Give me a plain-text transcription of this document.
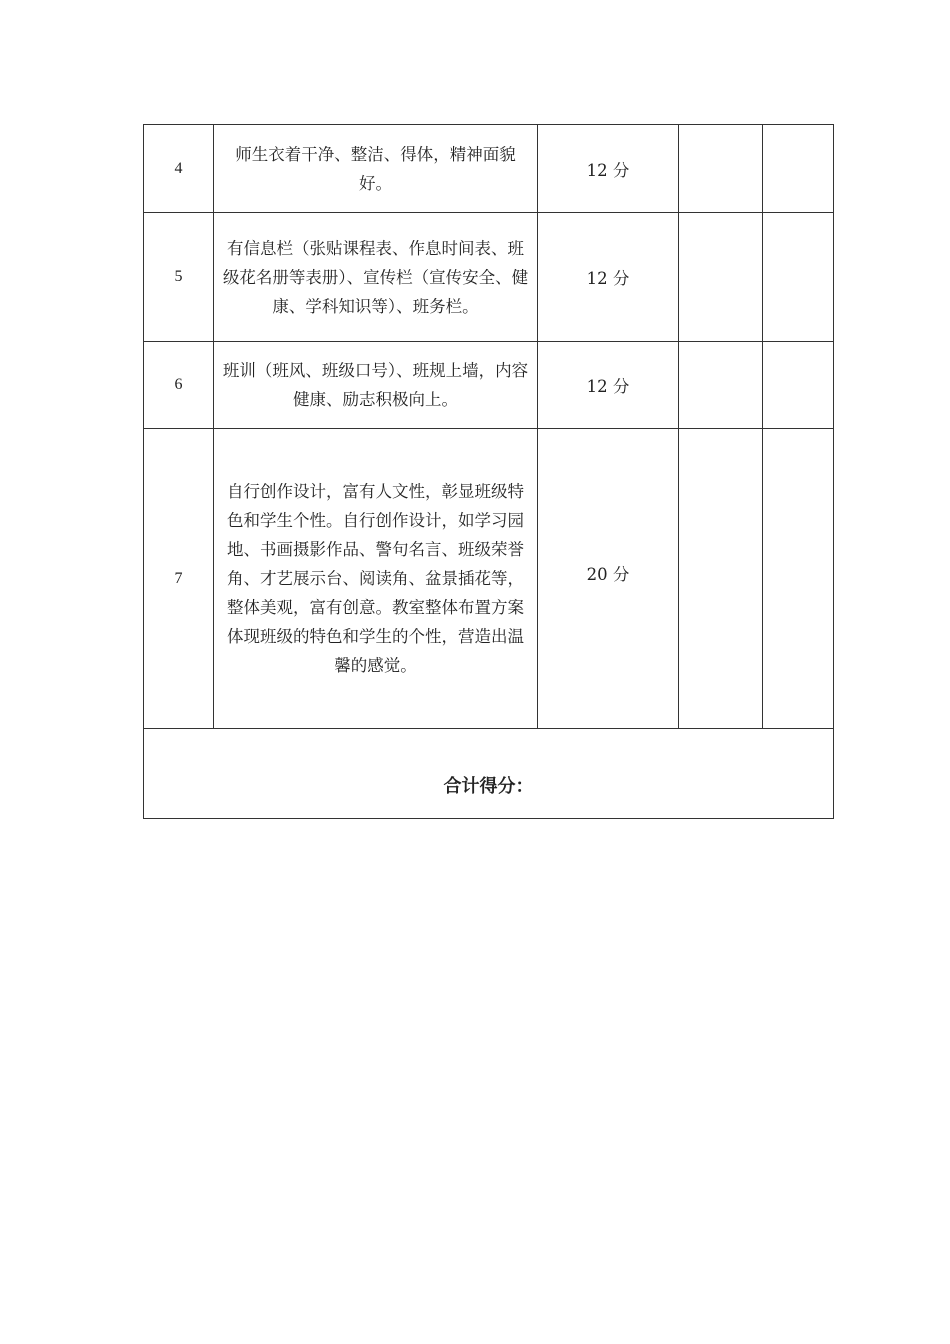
4	师生衣着干净、整洁、得体，精神面貌好。	12 分		
5	有信息栏（张贴课程表、作息时间表、班级花名册等表册）、宣传栏（宣传安全、健康、学科知识等）、班务栏。	12 分		
6	班训（班风、班级口号）、班规上墙，内容健康、励志积极向上。	12 分		
7	自行创作设计，富有人文性，彰显班级特色和学生个性。自行创作设计，如学习园地、书画摄影作品、警句名言、班级荣誉角、才艺展示台、阅读角、盆景插花等，整体美观，富有创意。教室整体布置方案体现班级的特色和学生的个性，营造出温馨的感觉。	20 分		
合计得分：				
